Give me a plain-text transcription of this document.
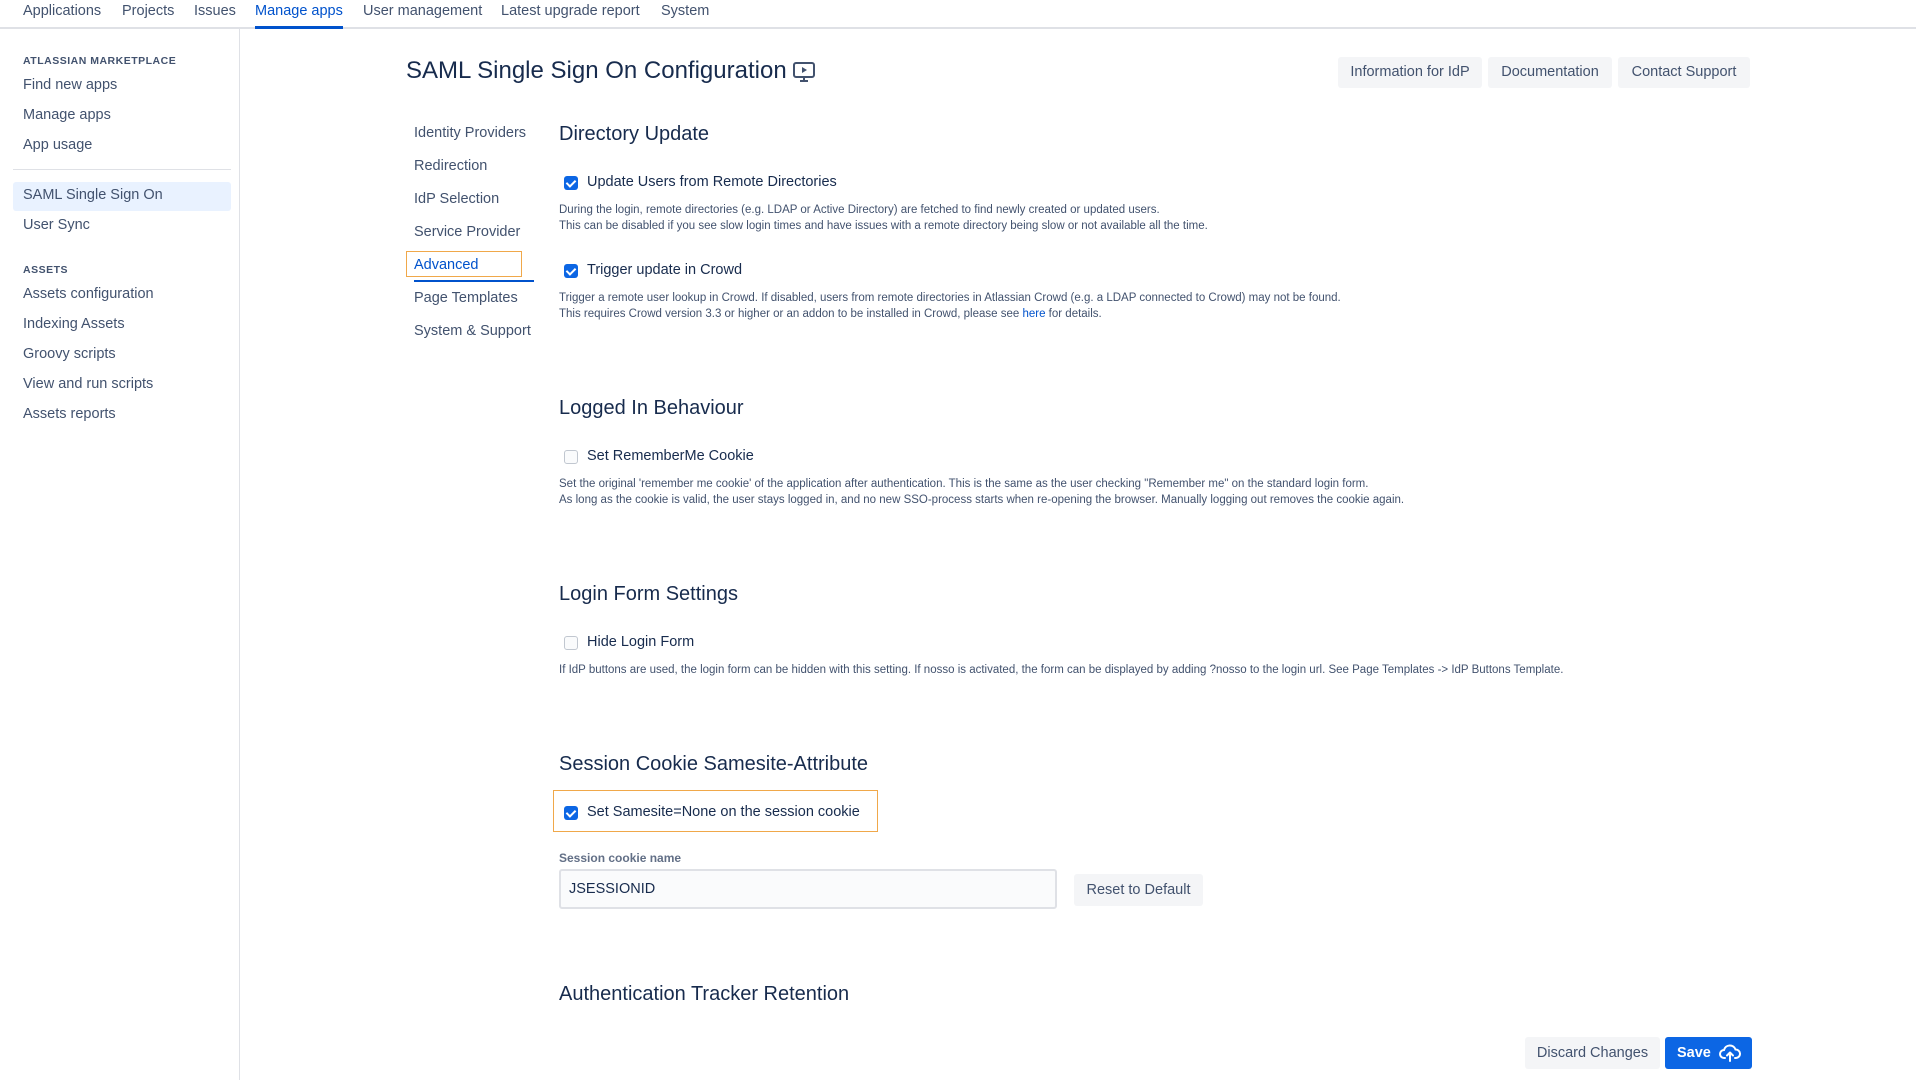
Applications Projects Issues Manage apps User management Latest upgrade report System
ATLASSIAN MARKETPLACE
Find new apps
Manage apps
App usage
SAML Single Sign On
User Sync
ASSETS
Assets configuration
Indexing Assets
Groovy scripts
View and run scripts
Assets reports
SAML Single Sign On Configuration	Information for IdP	Documentation	Contact Support
Identity Providers
Redirection
IdP Selection
Service Provider
Advanced
Page Templates
System & Support
Directory Update
Update Users from Remote Directories
During the login, remote directories (e.g. LDAP or Active Directory) are fetched to find newly created or updated users.
This can be disabled if you see slow login times and have issues with a remote directory being slow or not available all the time.
Trigger update in Crowd
Trigger a remote user lookup in Crowd. If disabled, users from remote directories in Atlassian Crowd (e.g. a LDAP connected to Crowd) may not be found.
This requires Crowd version 3.3 or higher or an addon to be installed in Crowd, please see here for details.
Logged In Behaviour
Set RememberMe Cookie
Set the original 'remember me cookie' of the application after authentication. This is the same as the user checking "Remember me" on the standard login form.
As long as the cookie is valid, the user stays logged in, and no new SSO-process starts when re-opening the browser. Manually logging out removes the cookie again.
Login Form Settings
Hide Login Form
If IdP buttons are used, the login form can be hidden with this setting. If nosso is activated, the form can be displayed by adding ?nosso to the login url. See Page Templates -> IdP Buttons Template.
Session Cookie Samesite-Attribute
Set Samesite=None on the session cookie
Session cookie name
JSESSIONID	Reset to Default
Authentication Tracker Retention
Discard Changes	Save
